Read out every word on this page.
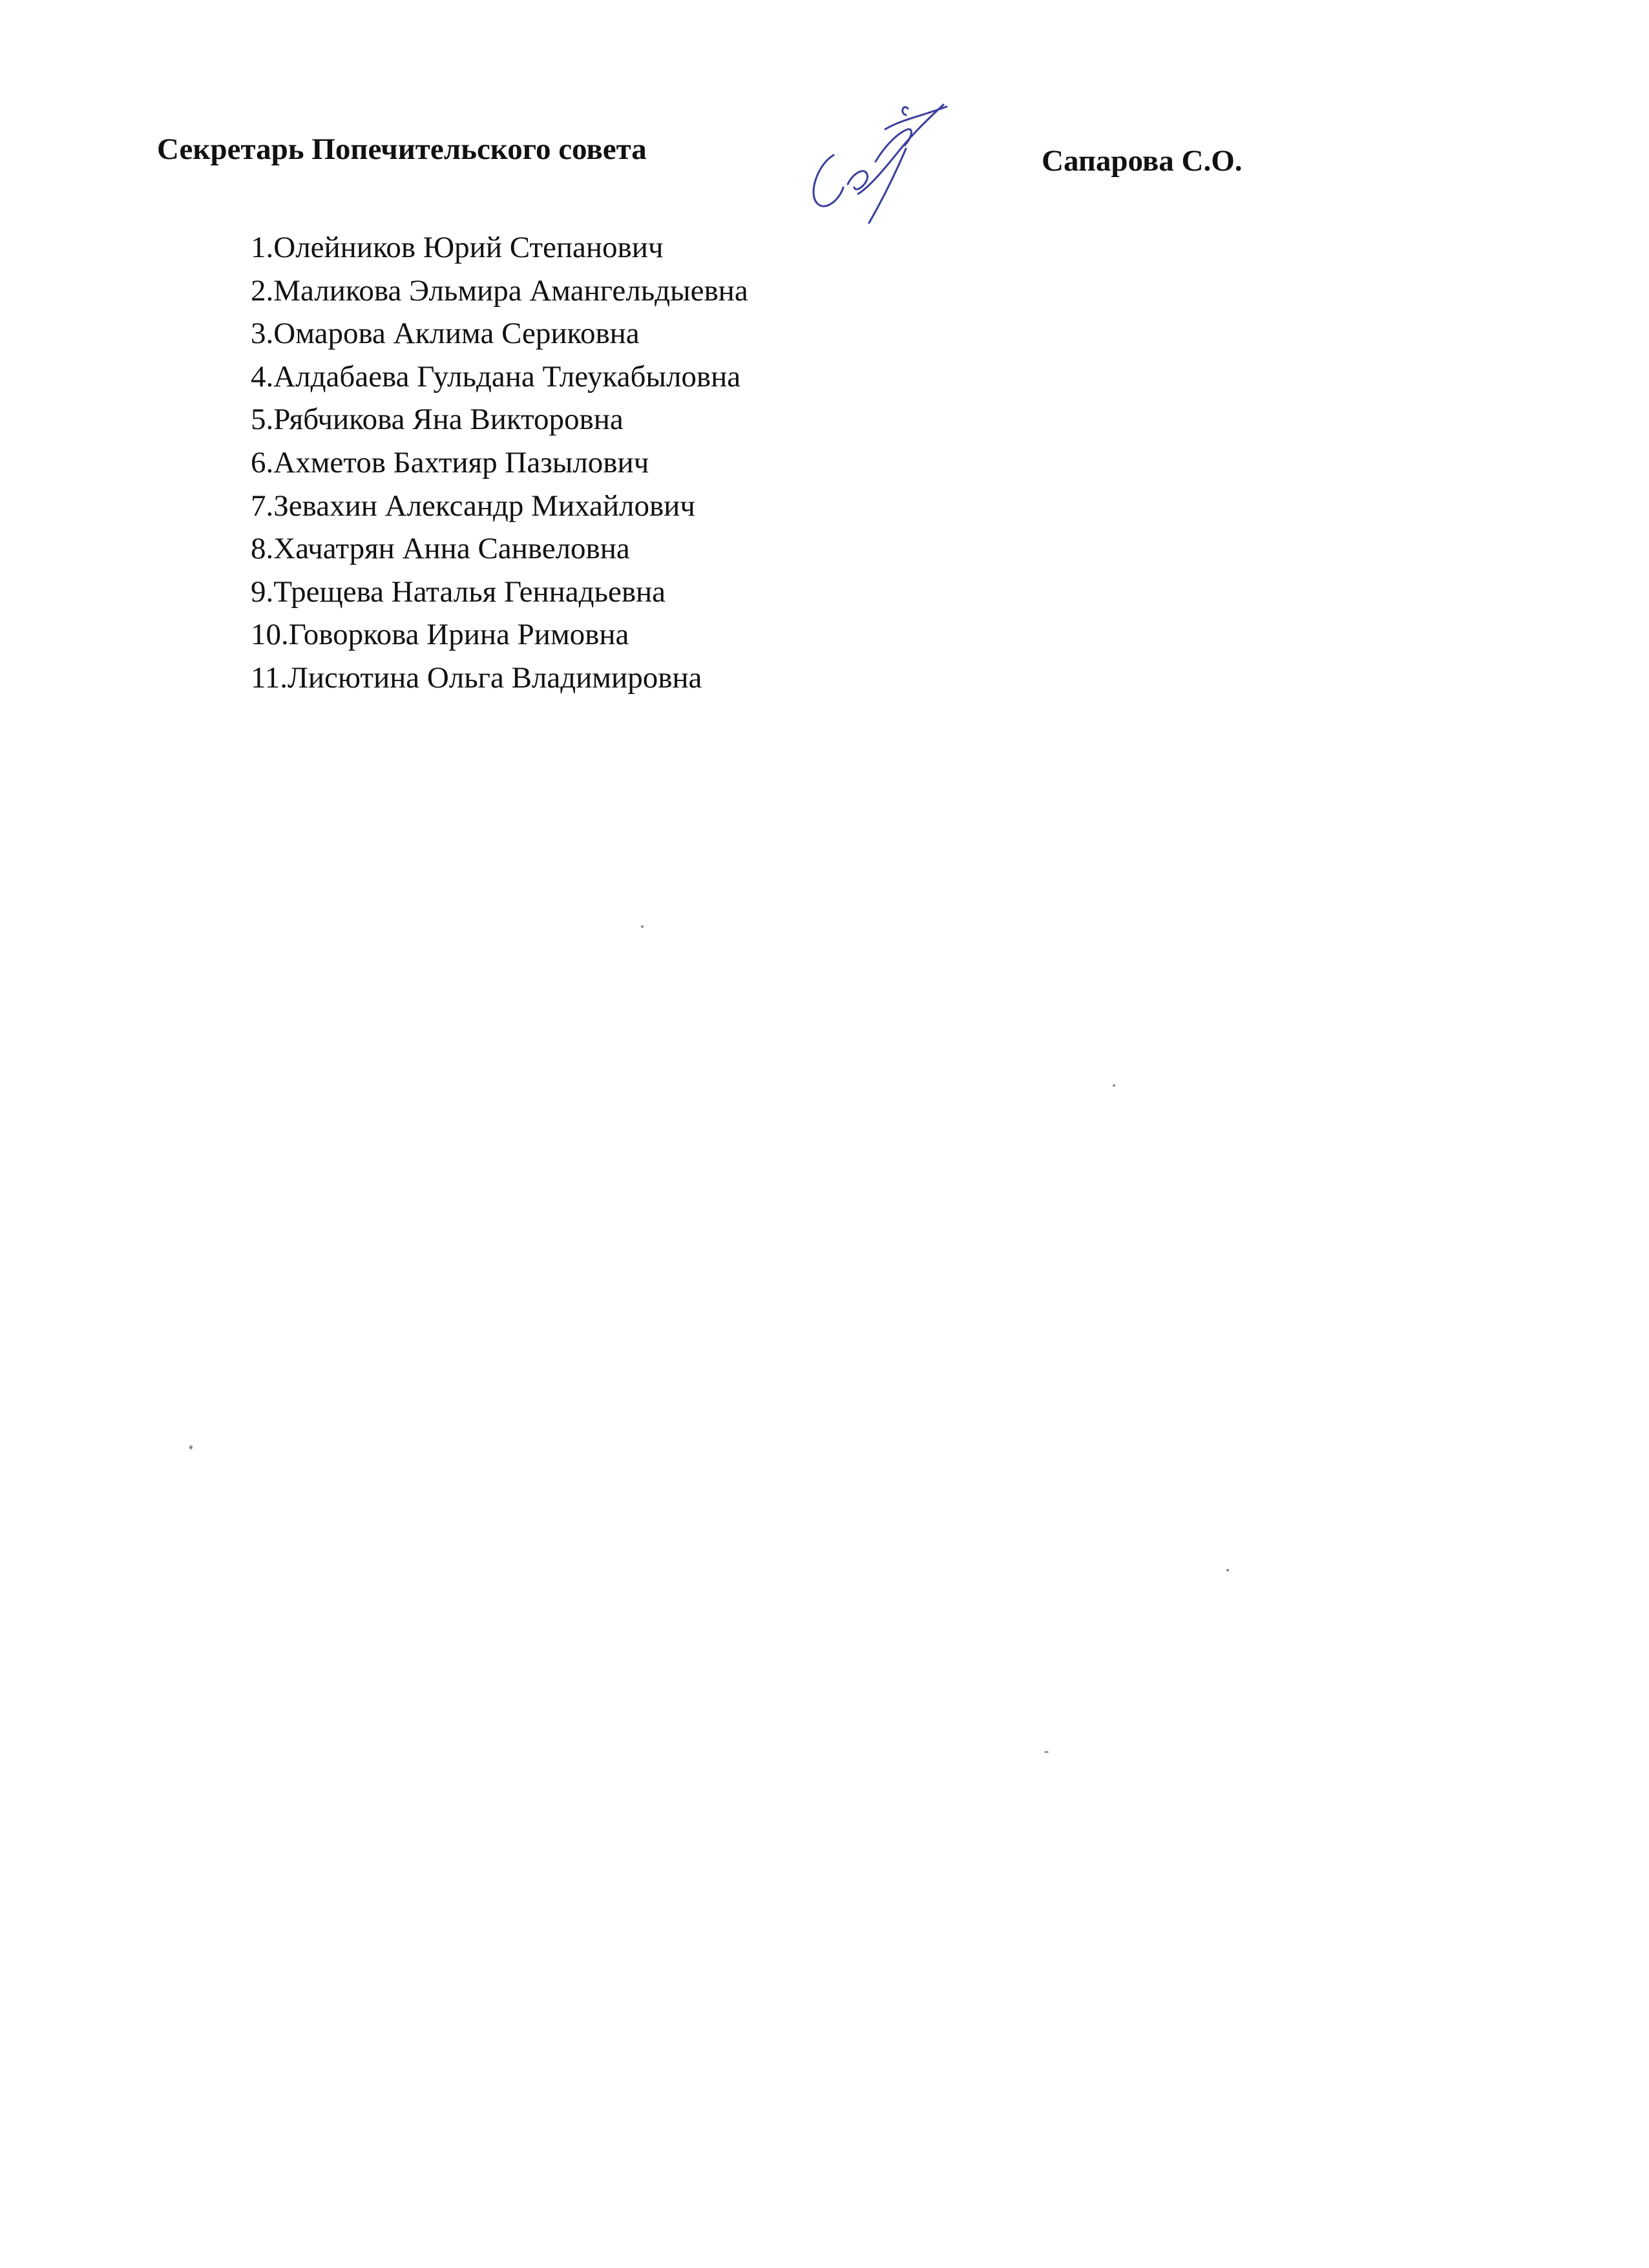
Секретарь Попечительского совета	Сапарова С.О.
1.Олейников Юрий Степанович
2.Маликова Эльмира Амангельдыевна
3.Омарова Аклима Сериковна
4.Алдабаева Гульдана Тлеукабыловна
5.Рябчикова Яна Викторовна
6.Ахметов Бахтияр Пазылович
7.Зевахин Александр Михайлович
8.Хачатрян Анна Санвеловна
9.Трещева Наталья Геннадьевна
10.Говоркова Ирина Римовна
11.Лисютина Ольга Владимировна
